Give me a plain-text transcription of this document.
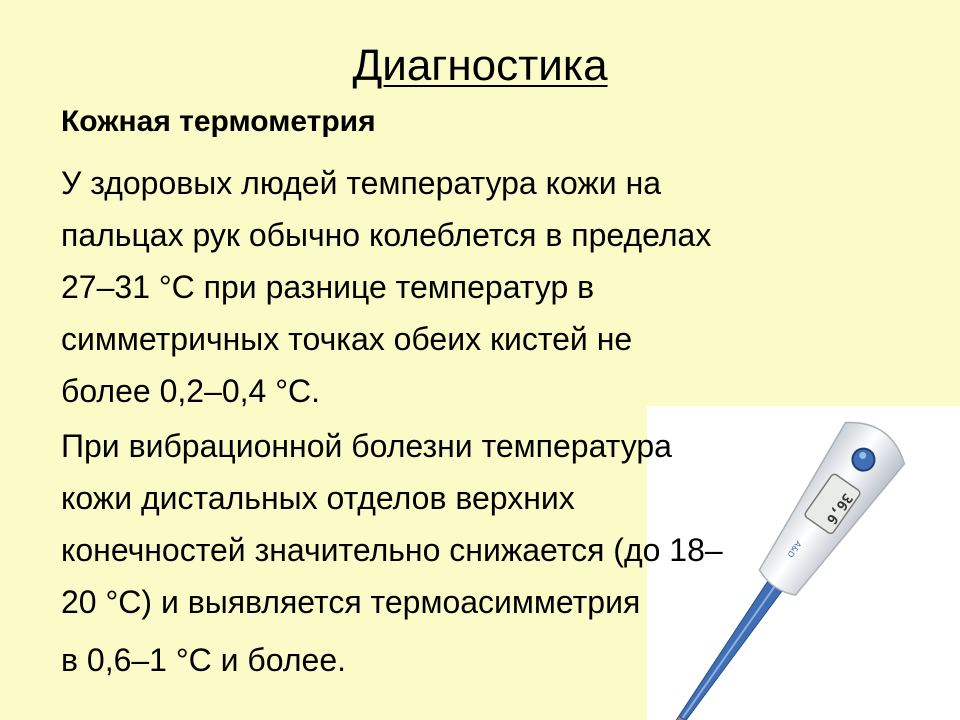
Диагностика
Кожная термометрия

У здоровых людей температура кожи на
пальцах рук обычно колеблется в пределах
27–31 °С при разнице температур в
симметричных точках обеих кистей не
более 0,2–0,4 °С.

36,6
A&D

При вибрационной болезни температура
кожи дистальных отделов верхних
конечностей значительно снижается (до 18–
20 °С) и выявляется термоасимметрия

в 0,6–1 °С и более.
